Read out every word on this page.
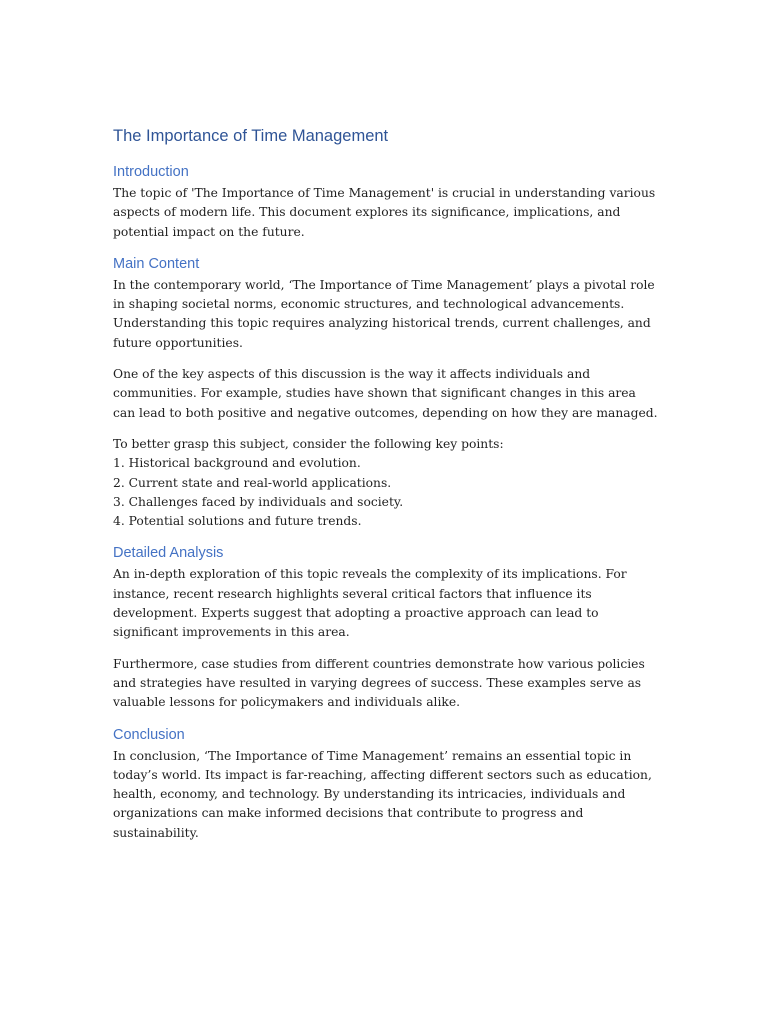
The Importance of Time Management
Introduction

The topic of 'The Importance of Time Management' is crucial in understanding various aspects of modern life. This document explores its significance, implications, and potential impact on the future.

Main Content

In the contemporary world, ‘The Importance of Time Management’ plays a pivotal role in shaping societal norms, economic structures, and technological advancements. Understanding this topic requires analyzing historical trends, current challenges, and future opportunities.

One of the key aspects of this discussion is the way it affects individuals and communities. For example, studies have shown that significant changes in this area can lead to both positive and negative outcomes, depending on how they are managed.

To better grasp this subject, consider the following key points:
1. Historical background and evolution.
2. Current state and real-world applications.
3. Challenges faced by individuals and society.
4. Potential solutions and future trends.

Detailed Analysis

An in-depth exploration of this topic reveals the complexity of its implications. For instance, recent research highlights several critical factors that influence its development. Experts suggest that adopting a proactive approach can lead to significant improvements in this area.

Furthermore, case studies from different countries demonstrate how various policies and strategies have resulted in varying degrees of success. These examples serve as valuable lessons for policymakers and individuals alike.

Conclusion

In conclusion, ‘The Importance of Time Management’ remains an essential topic in today’s world. Its impact is far-reaching, affecting different sectors such as education, health, economy, and technology. By understanding its intricacies, individuals and organizations can make informed decisions that contribute to progress and sustainability.
